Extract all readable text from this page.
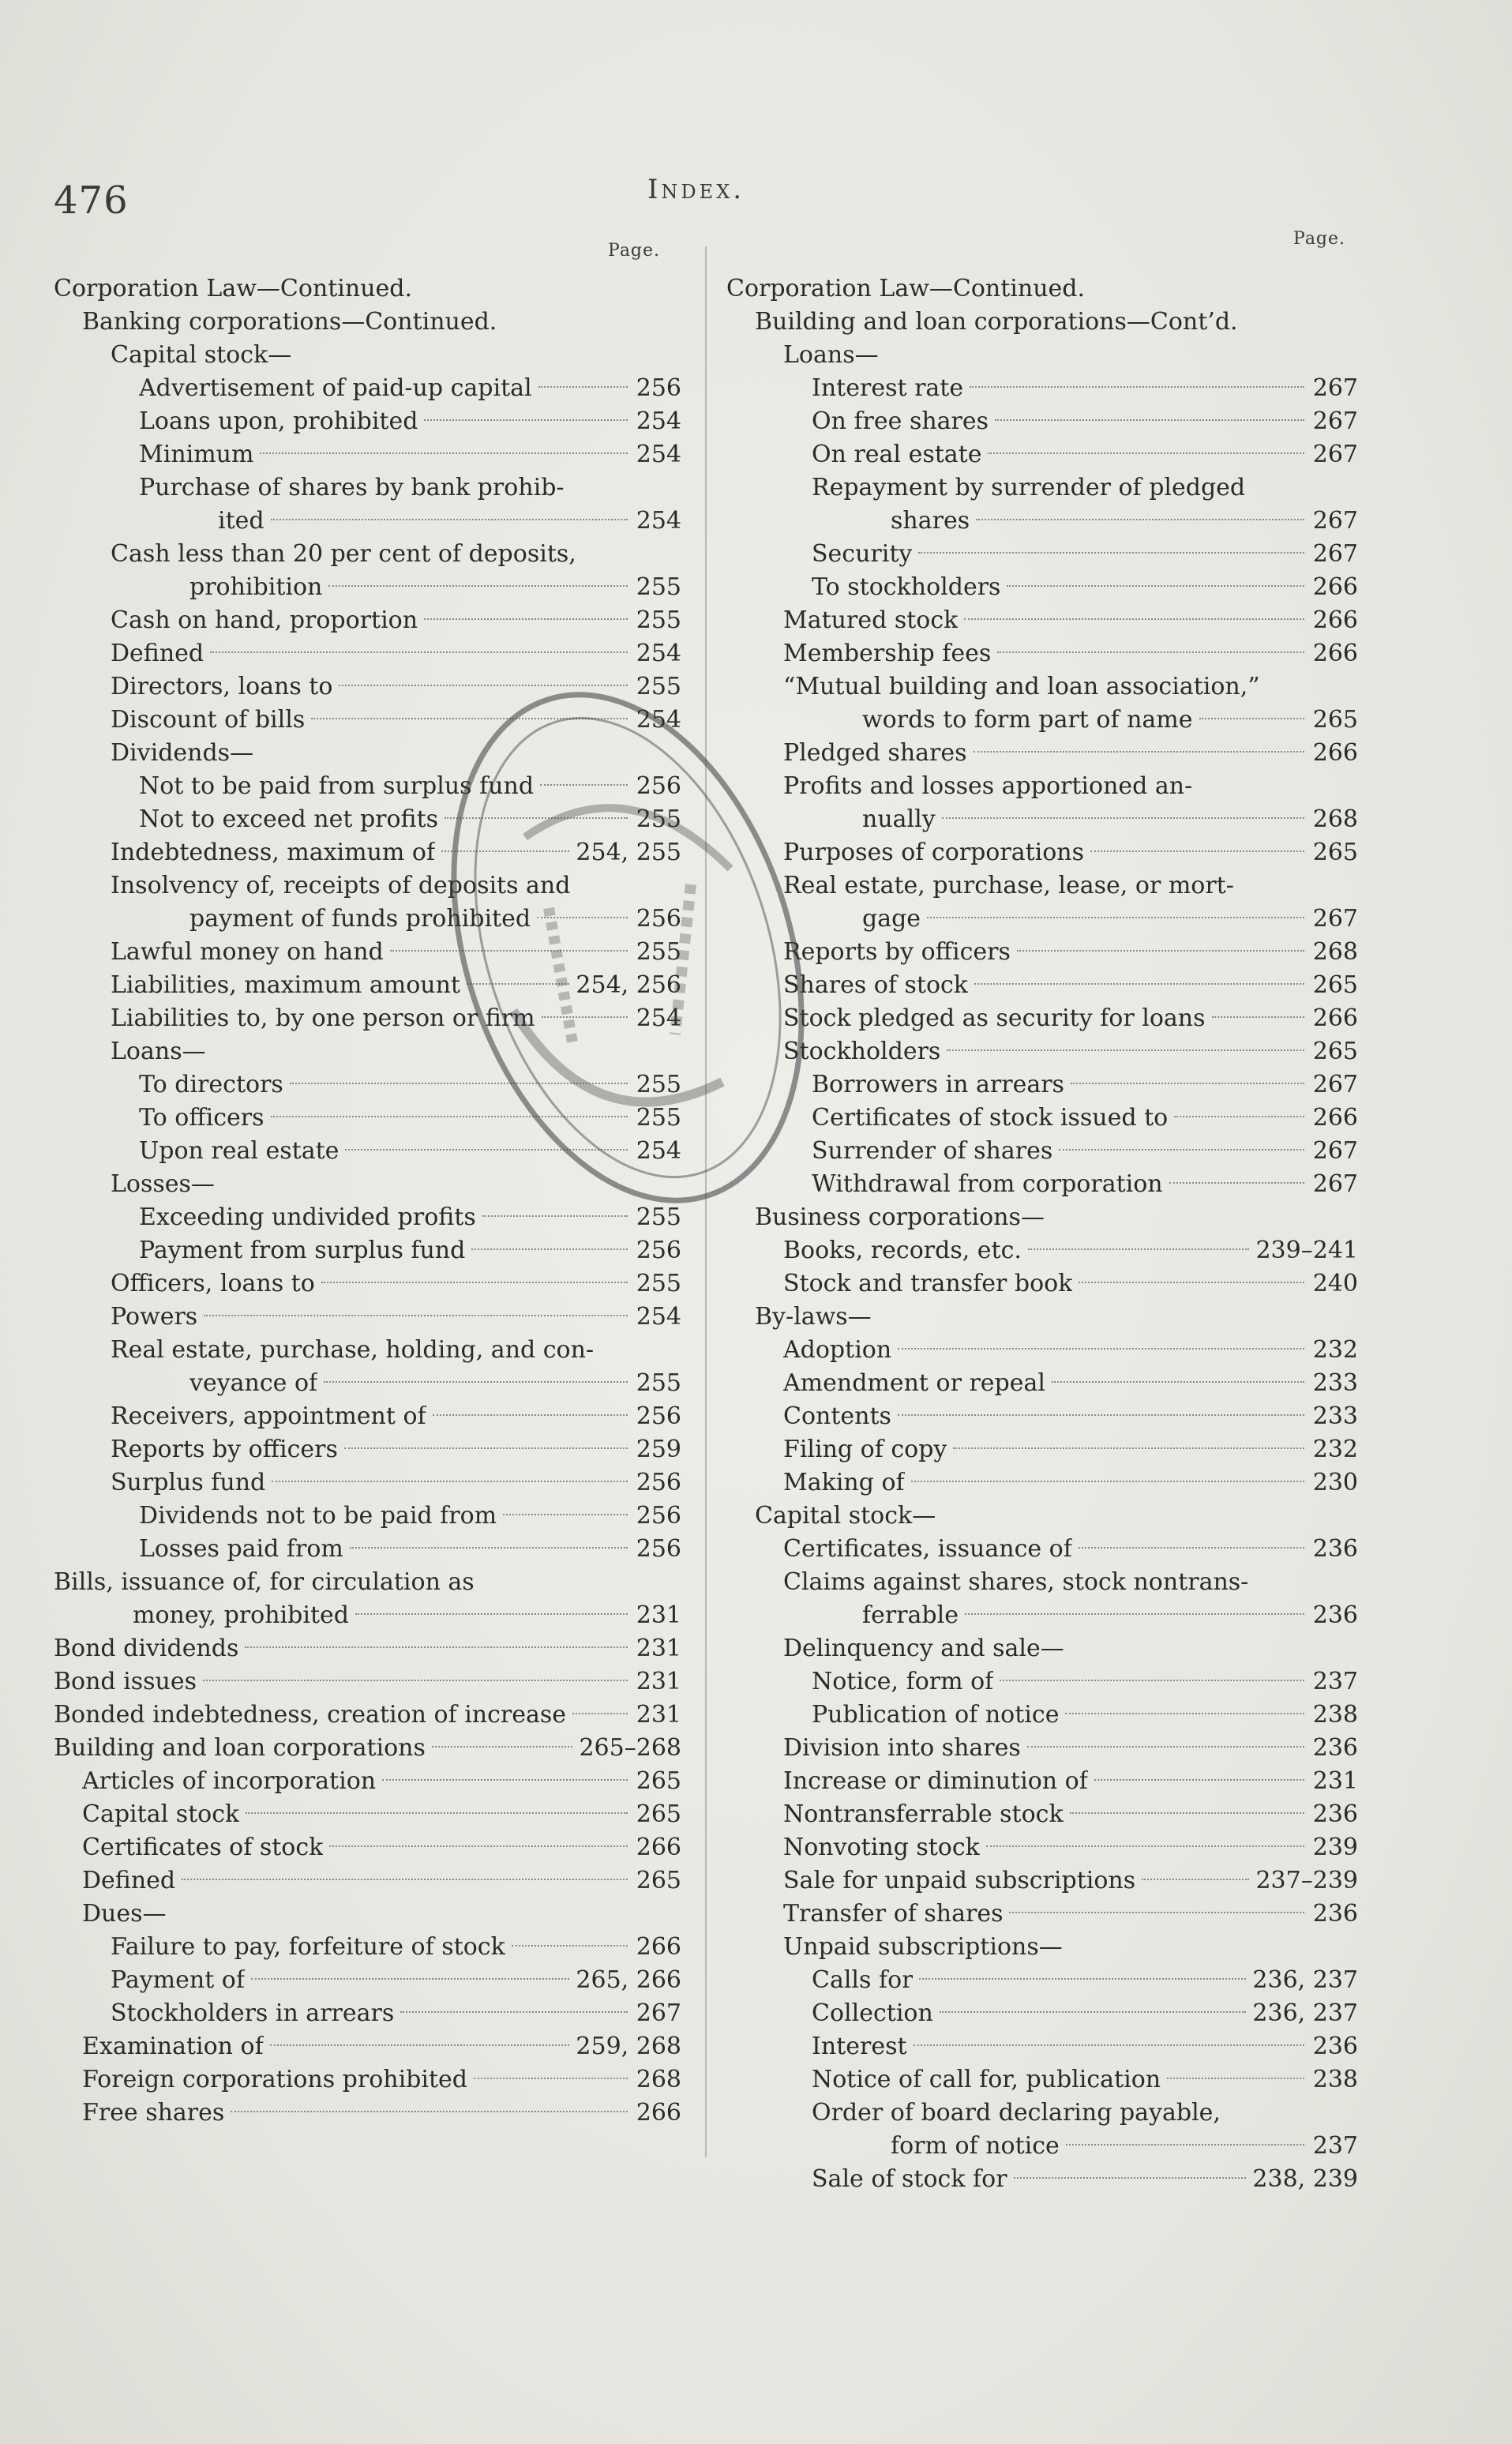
476	Index.
Page.
Page.
Corporation Law—Continued.
Banking corporations—Continued.
Capital stock—
Advertisement of paid-up capital	256
Loans upon, prohibited	254
Minimum	254
Purchase of shares by bank prohib-
ited	254
Cash less than 20 per cent of deposits,
prohibition	255
Cash on hand, proportion	255
Defined	254
Directors, loans to	255
Discount of bills	254
Dividends—
Not to be paid from surplus fund	256
Not to exceed net profits	255
Indebtedness, maximum of	254, 255
Insolvency of, receipts of deposits and
payment of funds prohibited	256
Lawful money on hand	255
Liabilities, maximum amount	254, 256
Liabilities to, by one person or firm	254
Loans—
To directors	255
To officers	255
Upon real estate	254
Losses—
Exceeding undivided profits	255
Payment from surplus fund	256
Officers, loans to	255
Powers	254
Real estate, purchase, holding, and con-
veyance of	255
Receivers, appointment of	256
Reports by officers	259
Surplus fund	256
Dividends not to be paid from	256
Losses paid from	256
Bills, issuance of, for circulation as
money, prohibited	231
Bond dividends	231
Bond issues	231
Bonded indebtedness, creation of increase	231
Building and loan corporations	265–268
Articles of incorporation	265
Capital stock	265
Certificates of stock	266
Defined	265
Dues—
Failure to pay, forfeiture of stock	266
Payment of	265, 266
Stockholders in arrears	267
Examination of	259, 268
Foreign corporations prohibited	268
Free shares	266
Corporation Law—Continued.
Building and loan corporations—Cont’d.
Loans—
Interest rate	267
On free shares	267
On real estate	267
Repayment by surrender of pledged
shares	267
Security	267
To stockholders	266
Matured stock	266
Membership fees	266
“Mutual building and loan association,”
words to form part of name	265
Pledged shares	266
Profits and losses apportioned an-
nually	268
Purposes of corporations	265
Real estate, purchase, lease, or mort-
gage	267
Reports by officers	268
Shares of stock	265
Stock pledged as security for loans	266
Stockholders	265
Borrowers in arrears	267
Certificates of stock issued to	266
Surrender of shares	267
Withdrawal from corporation	267
Business corporations—
Books, records, etc.	239–241
Stock and transfer book	240
By-laws—
Adoption	232
Amendment or repeal	233
Contents	233
Filing of copy	232
Making of	230
Capital stock—
Certificates, issuance of	236
Claims against shares, stock nontrans-
ferrable	236
Delinquency and sale—
Notice, form of	237
Publication of notice	238
Division into shares	236
Increase or diminution of	231
Nontransferrable stock	236
Nonvoting stock	239
Sale for unpaid subscriptions	237–239
Transfer of shares	236
Unpaid subscriptions—
Calls for	236, 237
Collection	236, 237
Interest	236
Notice of call for, publication	238
Order of board declaring payable,
form of notice	237
Sale of stock for	238, 239
